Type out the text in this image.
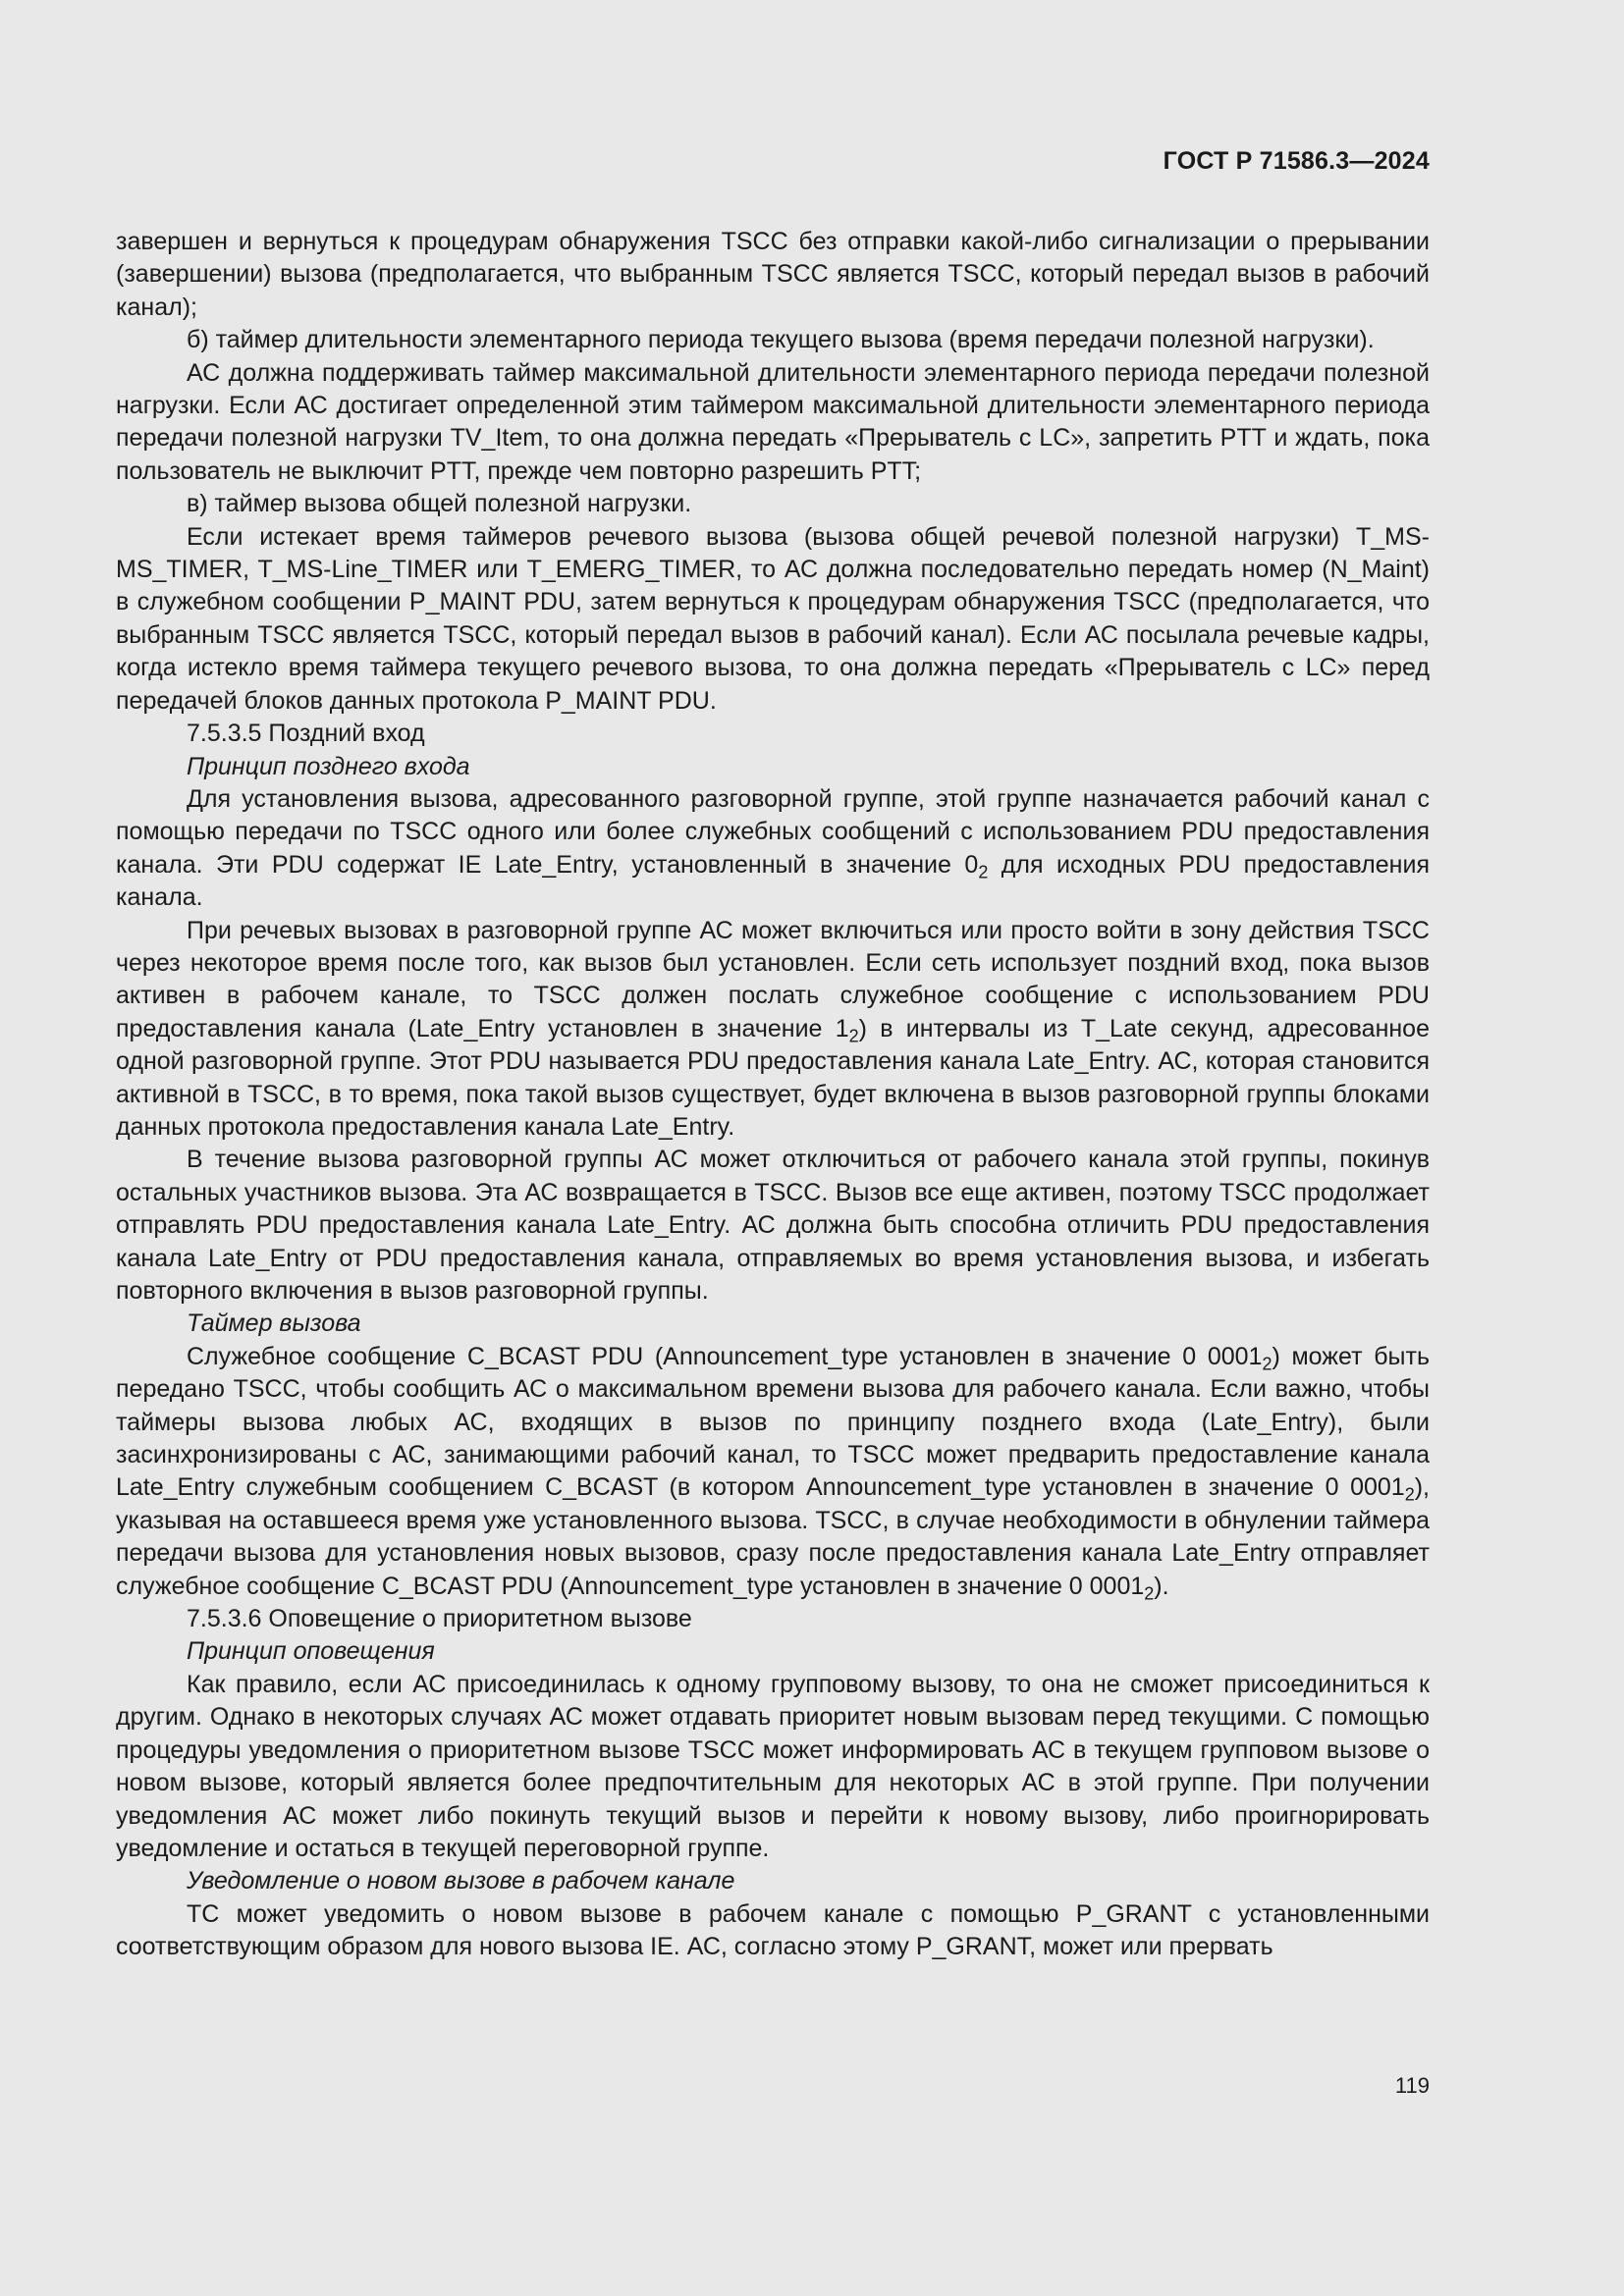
ГОСТ Р 71586.3—2024

завершен и вернуться к процедурам обнаружения TSCC без отправки какой-либо сигнализации о прерывании (завершении) вызова (предполагается, что выбранным TSCC является TSCC, который передал вызов в рабочий канал);

б) таймер длительности элементарного периода текущего вызова (время передачи полезной нагрузки).

АС должна поддерживать таймер максимальной длительности элементарного периода передачи полезной нагрузки. Если АС достигает определенной этим таймером максимальной длительности элементарного периода передачи полезной нагрузки TV_Item, то она должна передать «Прерыватель с LC», запретить PTT и ждать, пока пользователь не выключит PTT, прежде чем повторно разрешить PTT;

в) таймер вызова общей полезной нагрузки.

Если истекает время таймеров речевого вызова (вызова общей речевой полезной нагрузки) T_MS-MS_TIMER, T_MS-Line_TIMER или T_EMERG_TIMER, то АС должна последовательно передать номер (N_Maint) в служебном сообщении P_MAINT PDU, затем вернуться к процедурам обнаружения TSCC (предполагается, что выбранным TSCC является TSCC, который передал вызов в рабочий канал). Если АС посылала речевые кадры, когда истекло время таймера текущего речевого вызова, то она должна передать «Прерыватель с LC» перед передачей блоков данных протокола P_MAINT PDU.

7.5.3.5 Поздний вход

Принцип позднего входа

Для установления вызова, адресованного разговорной группе, этой группе назначается рабочий канал с помощью передачи по TSCC одного или более служебных сообщений с использованием PDU предоставления канала. Эти PDU содержат IE Late_Entry, установленный в значение $0_2$ для исходных PDU предоставления канала.

При речевых вызовах в разговорной группе АС может включиться или просто войти в зону действия TSCC через некоторое время после того, как вызов был установлен. Если сеть использует поздний вход, пока вызов активен в рабочем канале, то TSCC должен послать служебное сообщение с использованием PDU предоставления канала (Late_Entry установлен в значение $1_2$) в интервалы из T_Late секунд, адресованное одной разговорной группе. Этот PDU называется PDU предоставления канала Late_Entry. АС, которая становится активной в TSCC, в то время, пока такой вызов существует, будет включена в вызов разговорной группы блоками данных протокола предоставления канала Late_Entry.

В течение вызова разговорной группы АС может отключиться от рабочего канала этой группы, покинув остальных участников вызова. Эта АС возвращается в TSCC. Вызов все еще активен, поэтому TSCC продолжает отправлять PDU предоставления канала Late_Entry. АС должна быть способна отличить PDU предоставления канала Late_Entry от PDU предоставления канала, отправляемых во время установления вызова, и избегать повторного включения в вызов разговорной группы.

Таймер вызова

Служебное сообщение C_BCAST PDU (Announcement_type установлен в значение 0 $0001_2$) может быть передано TSCC, чтобы сообщить АС о максимальном времени вызова для рабочего канала. Если важно, чтобы таймеры вызова любых АС, входящих в вызов по принципу позднего входа (Late_Entry), были засинхронизированы с АС, занимающими рабочий канал, то TSCC может предварить предоставление канала Late_Entry служебным сообщением C_BCAST (в котором Announcement_type установлен в значение 0 $0001_2$), указывая на оставшееся время уже установленного вызова. TSCC, в случае необходимости в обнулении таймера передачи вызова для установления новых вызовов, сразу после предоставления канала Late_Entry отправляет служебное сообщение C_BCAST PDU (Announcement_type установлен в значение 0 $0001_2$).

7.5.3.6 Оповещение о приоритетном вызове

Принцип оповещения

Как правило, если АС присоединилась к одному групповому вызову, то она не сможет присоединиться к другим. Однако в некоторых случаях АС может отдавать приоритет новым вызовам перед текущими. С помощью процедуры уведомления о приоритетном вызове TSCC может информировать АС в текущем групповом вызове о новом вызове, который является более предпочтительным для некоторых АС в этой группе. При получении уведомления АС может либо покинуть текущий вызов и перейти к новому вызову, либо проигнорировать уведомление и остаться в текущей переговорной группе.

Уведомление о новом вызове в рабочем канале

ТС может уведомить о новом вызове в рабочем канале с помощью P_GRANT с установленными соответствующим образом для нового вызова IE. АС, согласно этому P_GRANT, может или прервать

119
